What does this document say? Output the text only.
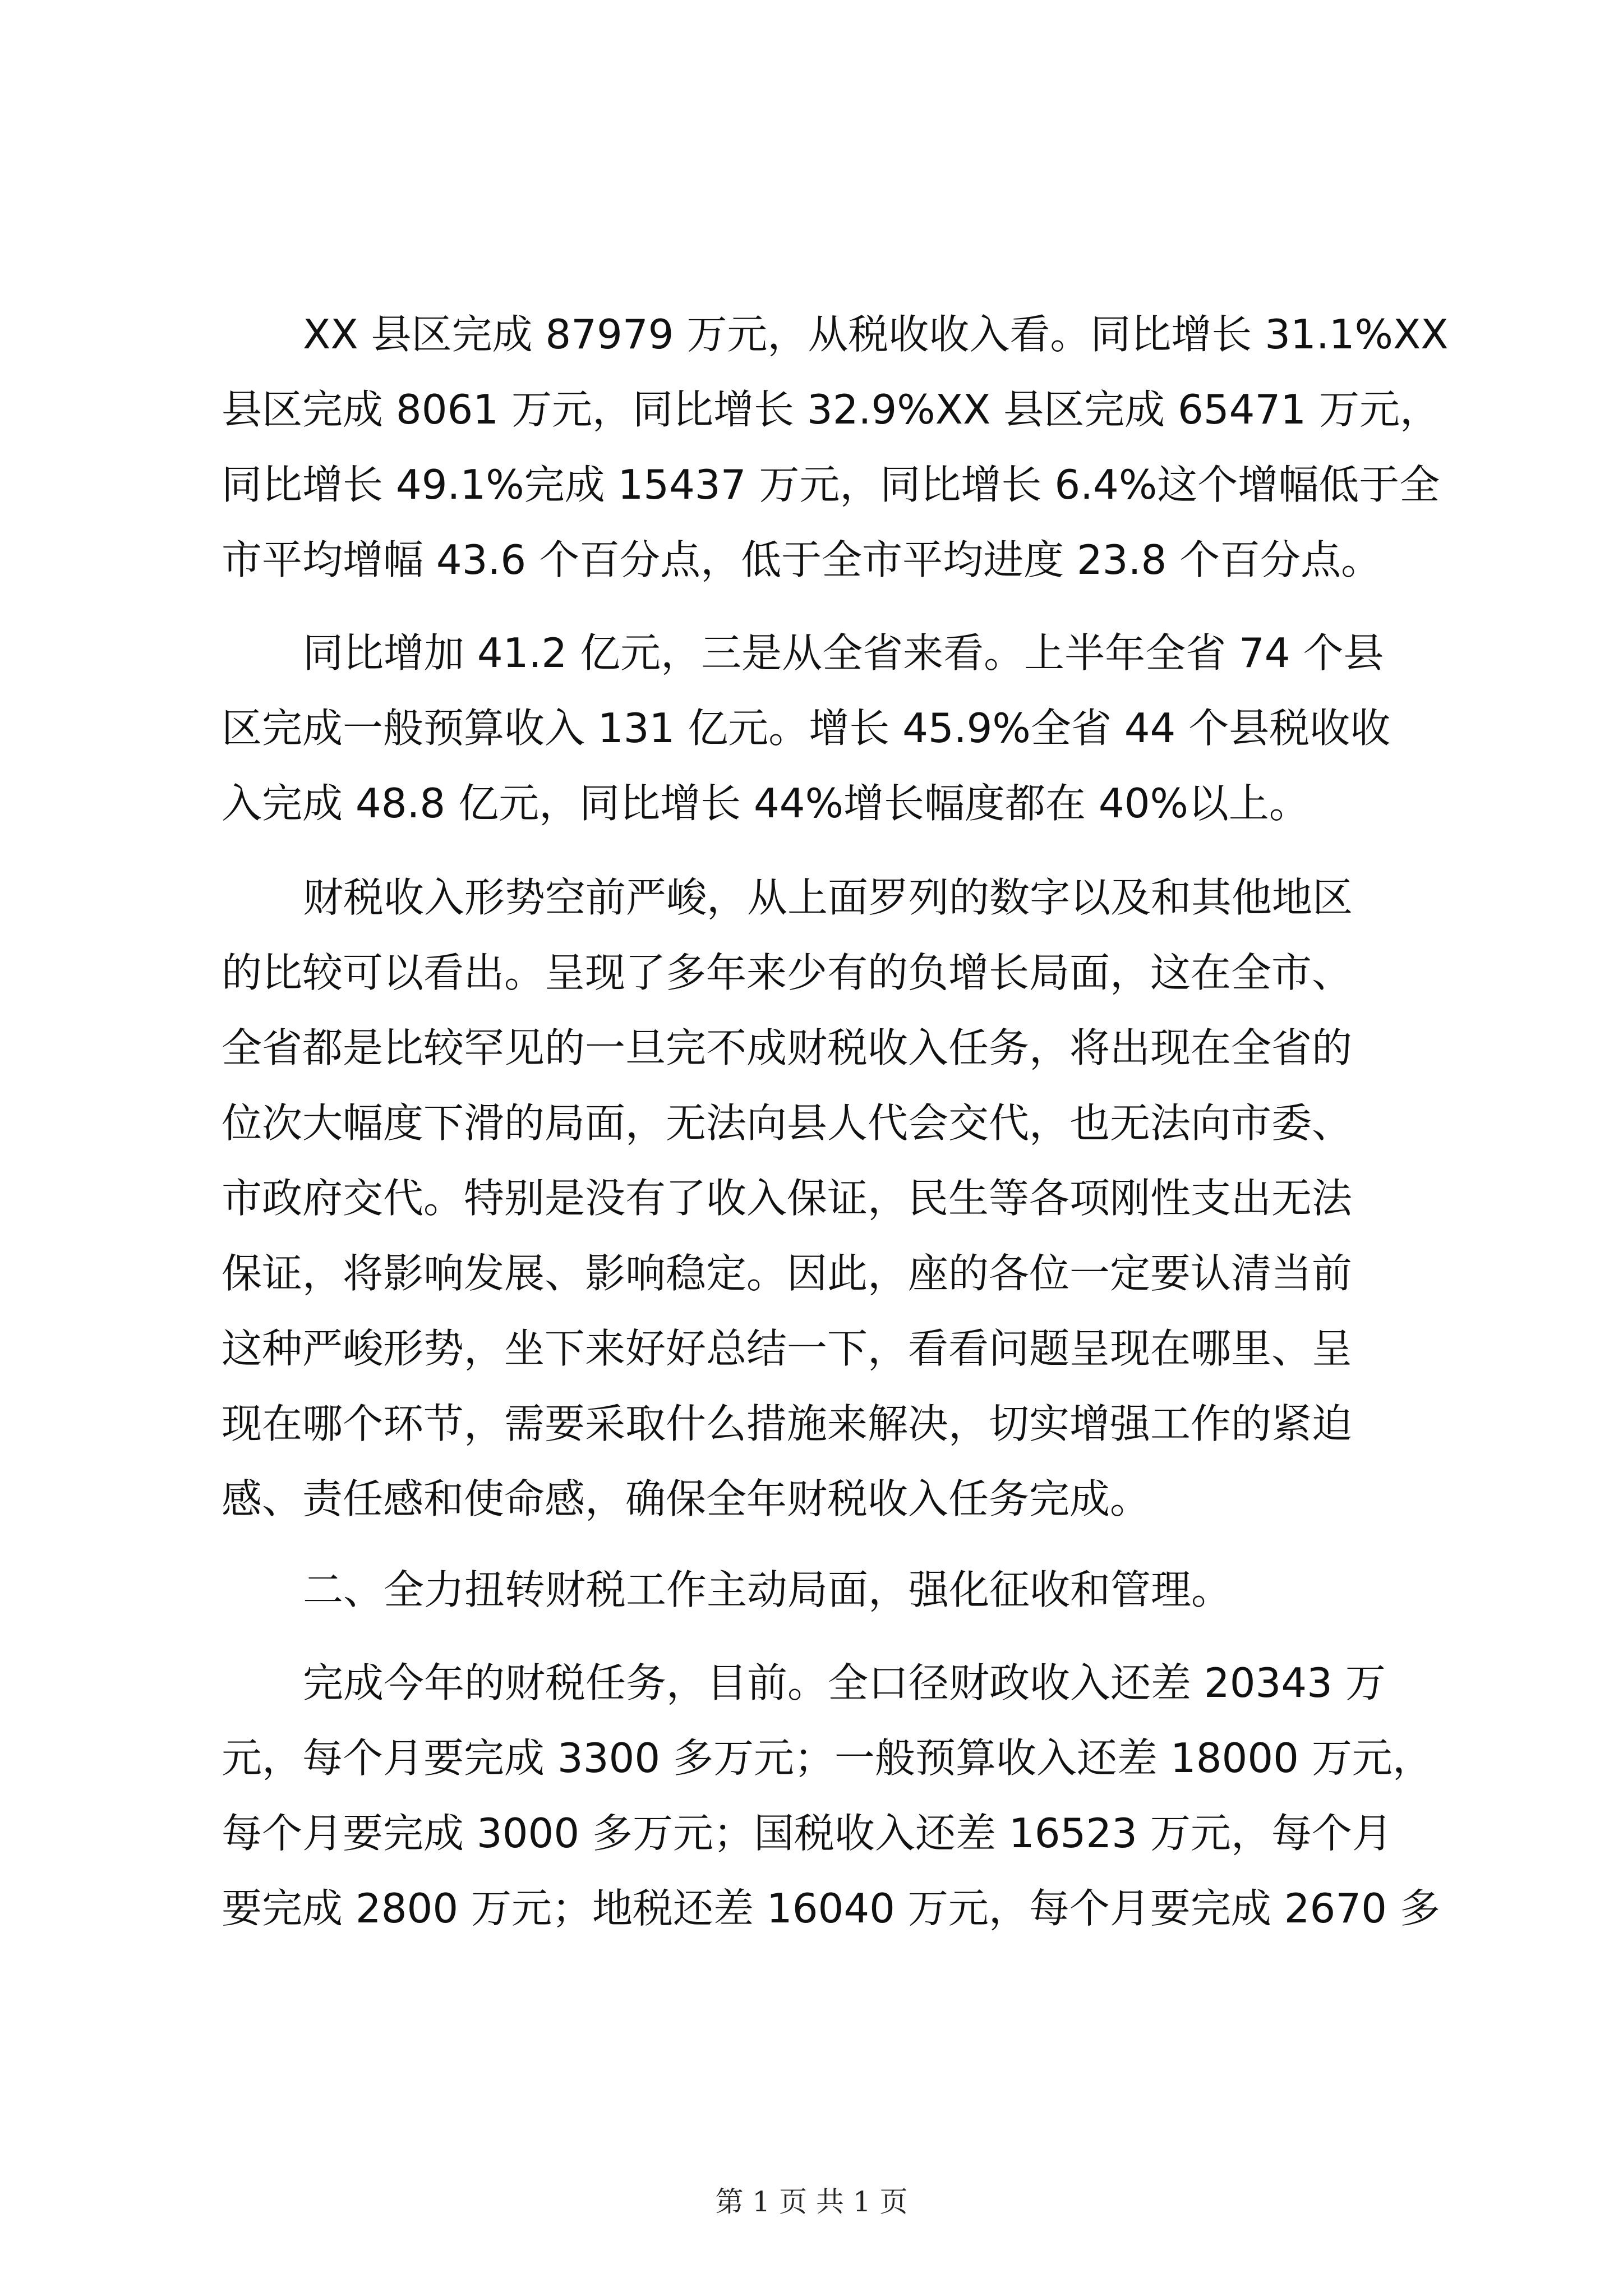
XX 县区完成 87979 万元，从税收收入看。同比增长 31.1%XX

县区完成 8061 万元，同比增长 32.9%XX 县区完成 65471 万元，

同比增长 49.1%完成 15437 万元，同比增长 6.4%这个增幅低于全

市平均增幅 43.6 个百分点，低于全市平均进度 23.8 个百分点。

同比增加 41.2 亿元，三是从全省来看。上半年全省 74 个县

区完成一般预算收入 131 亿元。增长 45.9%全省 44 个县税收收

入完成 48.8 亿元，同比增长 44%增长幅度都在 40%以上。

财税收入形势空前严峻，从上面罗列的数字以及和其他地区

的比较可以看出。呈现了多年来少有的负增长局面，这在全市、

全省都是比较罕见的一旦完不成财税收入任务，将出现在全省的

位次大幅度下滑的局面，无法向县人代会交代，也无法向市委、

市政府交代。特别是没有了收入保证，民生等各项刚性支出无法

保证，将影响发展、影响稳定。因此，座的各位一定要认清当前

这种严峻形势，坐下来好好总结一下，看看问题呈现在哪里、呈

现在哪个环节，需要采取什么措施来解决，切实增强工作的紧迫

感、责任感和使命感，确保全年财税收入任务完成。

二、全力扭转财税工作主动局面，强化征收和管理。

完成今年的财税任务，目前。全口径财政收入还差 20343 万

元，每个月要完成 3300 多万元；一般预算收入还差 18000 万元，

每个月要完成 3000 多万元；国税收入还差 16523 万元，每个月

要完成 2800 万元；地税还差 16040 万元，每个月要完成 2670 多

第 1 页 共 1 页
